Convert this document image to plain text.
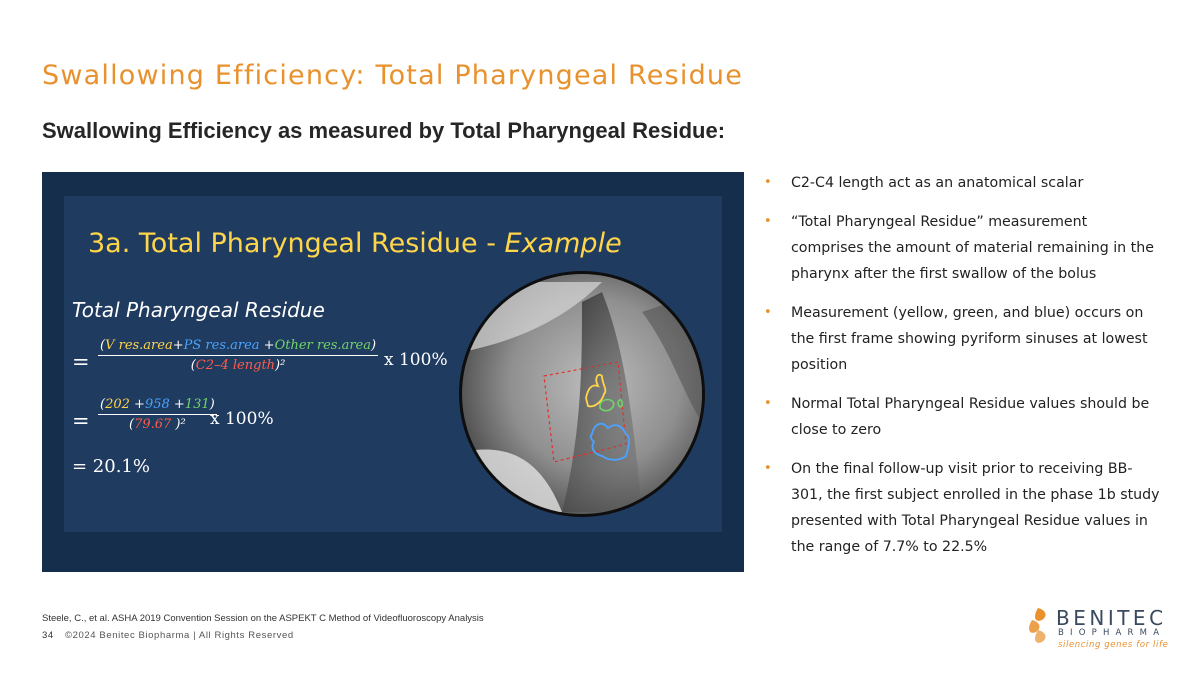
Swallowing Efficiency: Total Pharyngeal Residue
Swallowing Efficiency as measured by Total Pharyngeal Residue:
3a. Total Pharyngeal Residue - Example
Total Pharyngeal Residue
=
(V res.area+PS res.area +Other res.area)
(C2–4 length)²	x 100%
= $\frac{(202 +958 +131)}{\text{(79.67 )²}}$
x 100%
= 20.1%
• C2-C4 length act as an anatomical scalar
• “Total Pharyngeal Residue” measurement comprises the amount of material remaining in the pharynx after the first swallow of the bolus
• Measurement (yellow, green, and blue) occurs on the first frame showing pyriform sinuses at lowest position
• Normal Total Pharyngeal Residue values should be close to zero
• On the final follow-up visit prior to receiving BB-301, the first subject enrolled in the phase 1b study presented with Total Pharyngeal Residue values in the range of 7.7% to 22.5%
Steele, C., et al. ASHA 2019 Convention Session on the ASPEKT C Method of Videofluoroscopy Analysis
34 ©2024 Benitec Biopharma | All Rights Reserved
BENITEC
BIOPHARMA
silencing genes for life
